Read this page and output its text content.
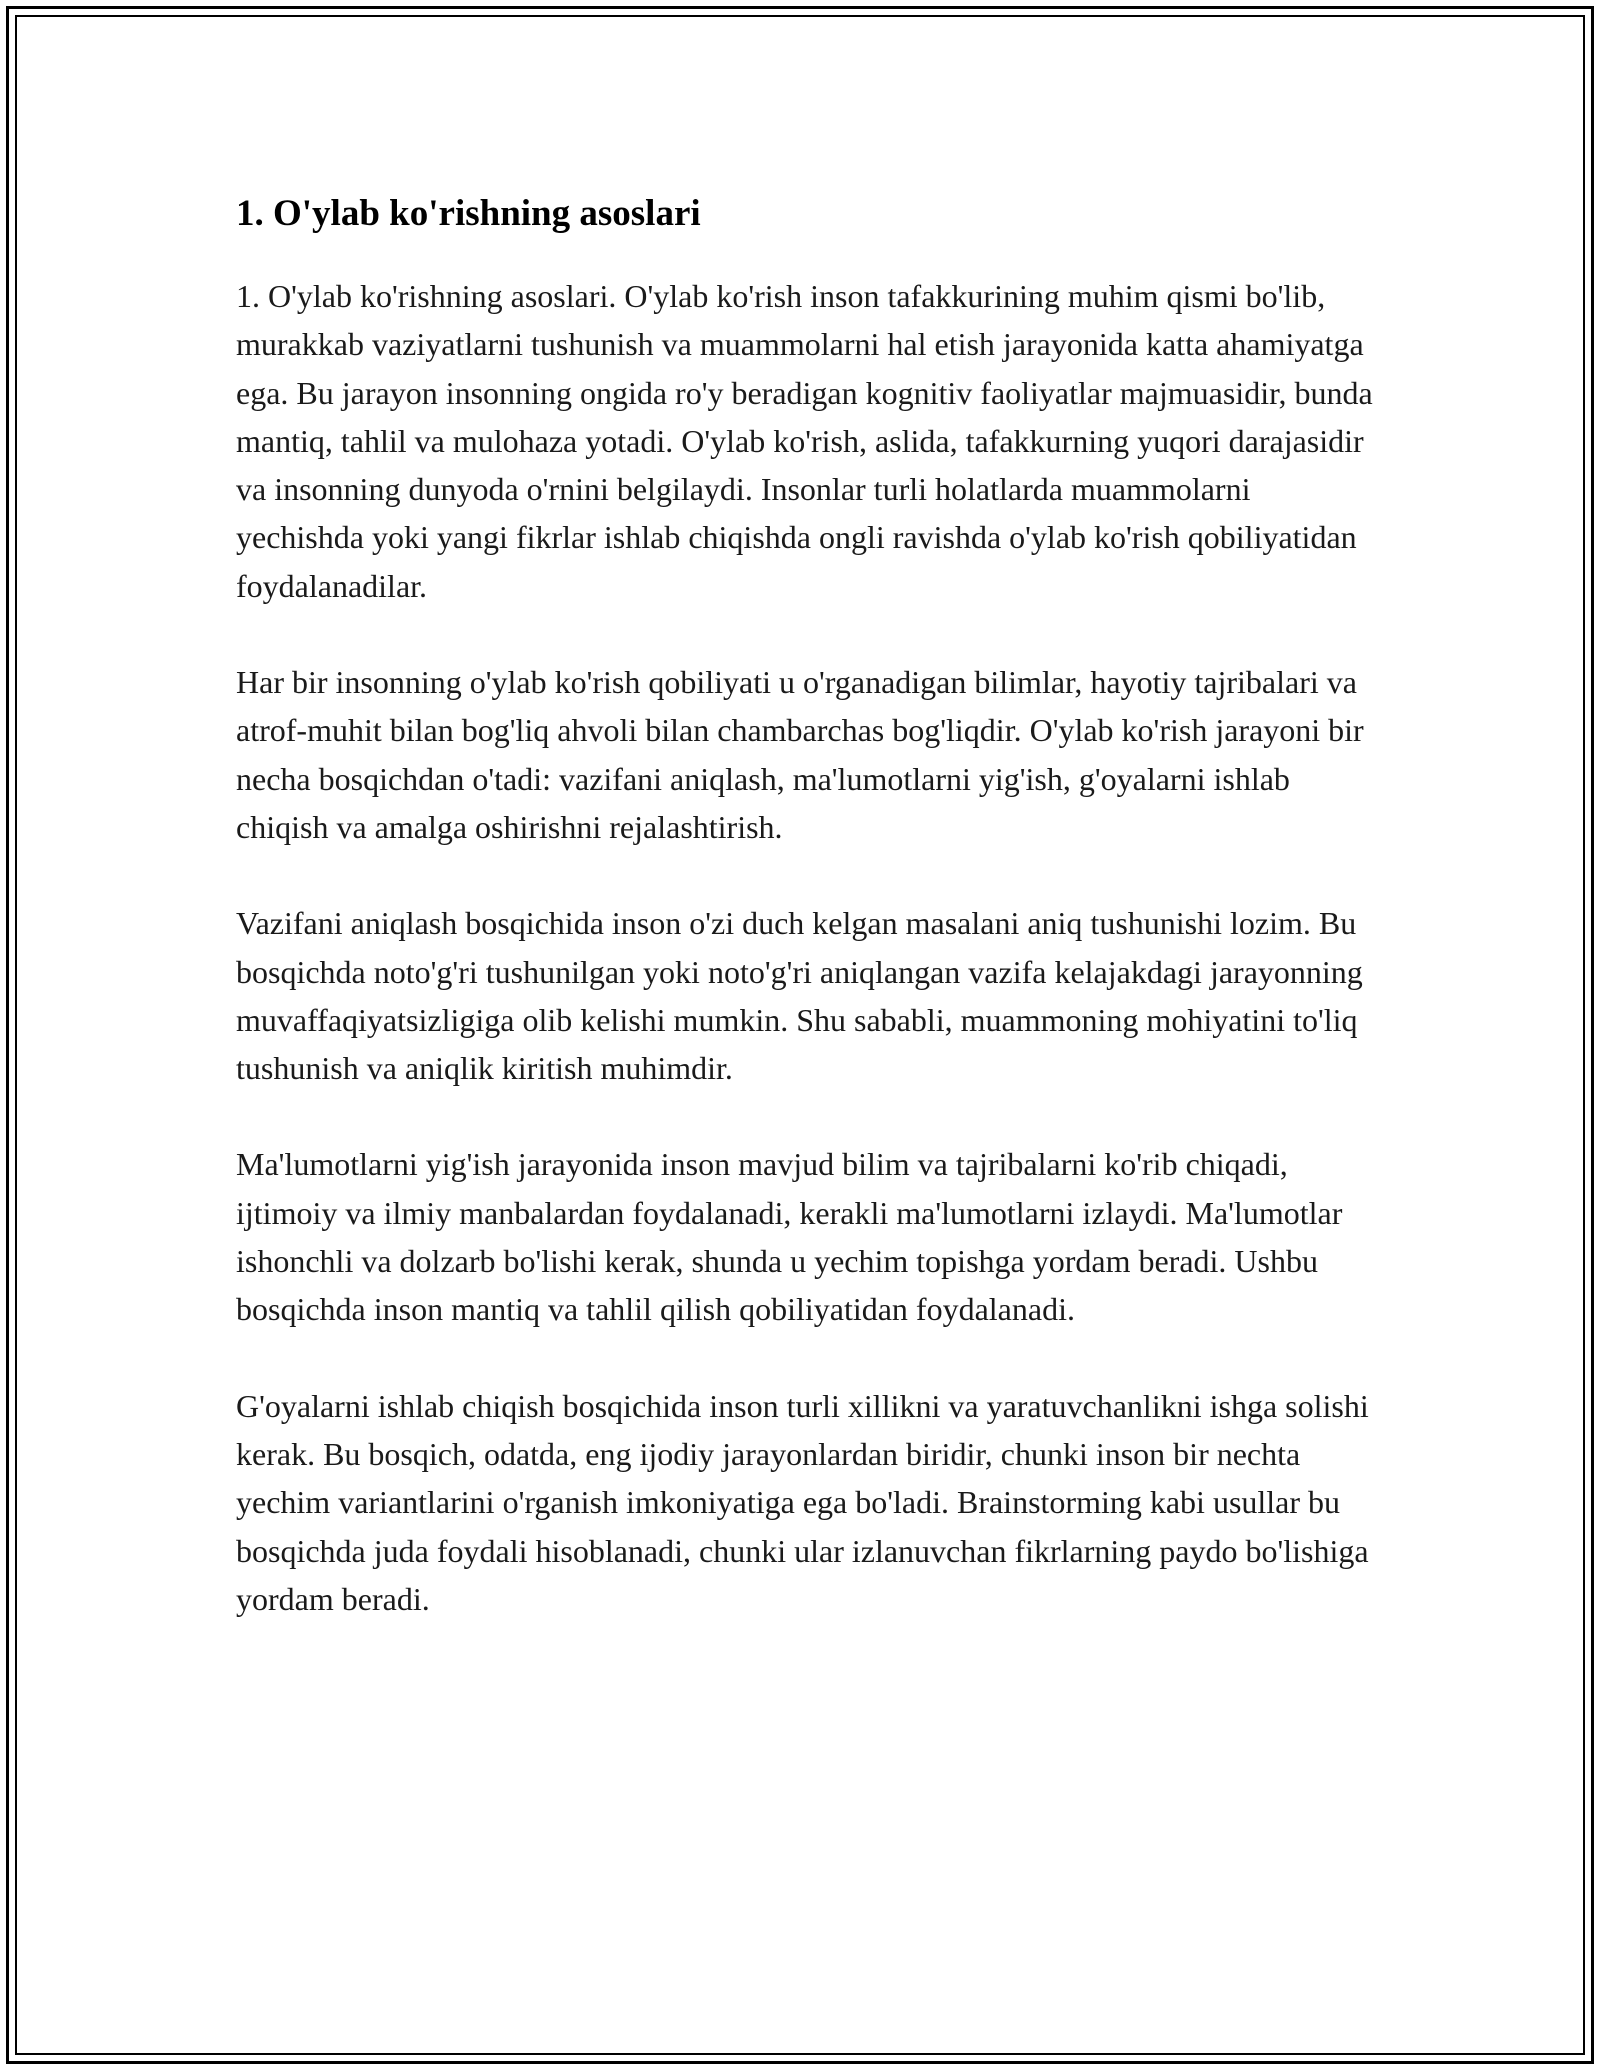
1. O'ylab ko'rishning asoslari

1. O'ylab ko'rishning asoslari. O'ylab ko'rish inson tafakkurining muhim qismi bo'lib, murakkab vaziyatlarni tushunish va muammolarni hal etish jarayonida katta ahamiyatga ega. Bu jarayon insonning ongida ro'y beradigan kognitiv faoliyatlar majmuasidir, bunda mantiq, tahlil va mulohaza yotadi. O'ylab ko'rish, aslida, tafakkurning yuqori darajasidir va insonning dunyoda o'rnini belgilaydi. Insonlar turli holatlarda muammolarni yechishda yoki yangi fikrlar ishlab chiqishda ongli ravishda o'ylab ko'rish qobiliyatidan foydalanadilar.

Har bir insonning o'ylab ko'rish qobiliyati u o'rganadigan bilimlar, hayotiy tajribalari va atrof-muhit bilan bog'liq ahvoli bilan chambarchas bog'liqdir. O'ylab ko'rish jarayoni bir necha bosqichdan o'tadi: vazifani aniqlash, ma'lumotlarni yig'ish, g'oyalarni ishlab chiqish va amalga oshirishni rejalashtirish.

Vazifani aniqlash bosqichida inson o'zi duch kelgan masalani aniq tushunishi lozim. Bu bosqichda noto'g'ri tushunilgan yoki noto'g'ri aniqlangan vazifa kelajakdagi jarayonning muvaffaqiyatsizligiga olib kelishi mumkin. Shu sababli, muammoning mohiyatini to'liq tushunish va aniqlik kiritish muhimdir.

Ma'lumotlarni yig'ish jarayonida inson mavjud bilim va tajribalarni ko'rib chiqadi, ijtimoiy va ilmiy manbalardan foydalanadi, kerakli ma'lumotlarni izlaydi. Ma'lumotlar ishonchli va dolzarb bo'lishi kerak, shunda u yechim topishga yordam beradi. Ushbu bosqichda inson mantiq va tahlil qilish qobiliyatidan foydalanadi.

G'oyalarni ishlab chiqish bosqichida inson turli xillikni va yaratuvchanlikni ishga solishi kerak. Bu bosqich, odatda, eng ijodiy jarayonlardan biridir, chunki inson bir nechta yechim variantlarini o'rganish imkoniyatiga ega bo'ladi. Brainstorming kabi usullar bu bosqichda juda foydali hisoblanadi, chunki ular izlanuvchan fikrlarning paydo bo'lishiga yordam beradi.
